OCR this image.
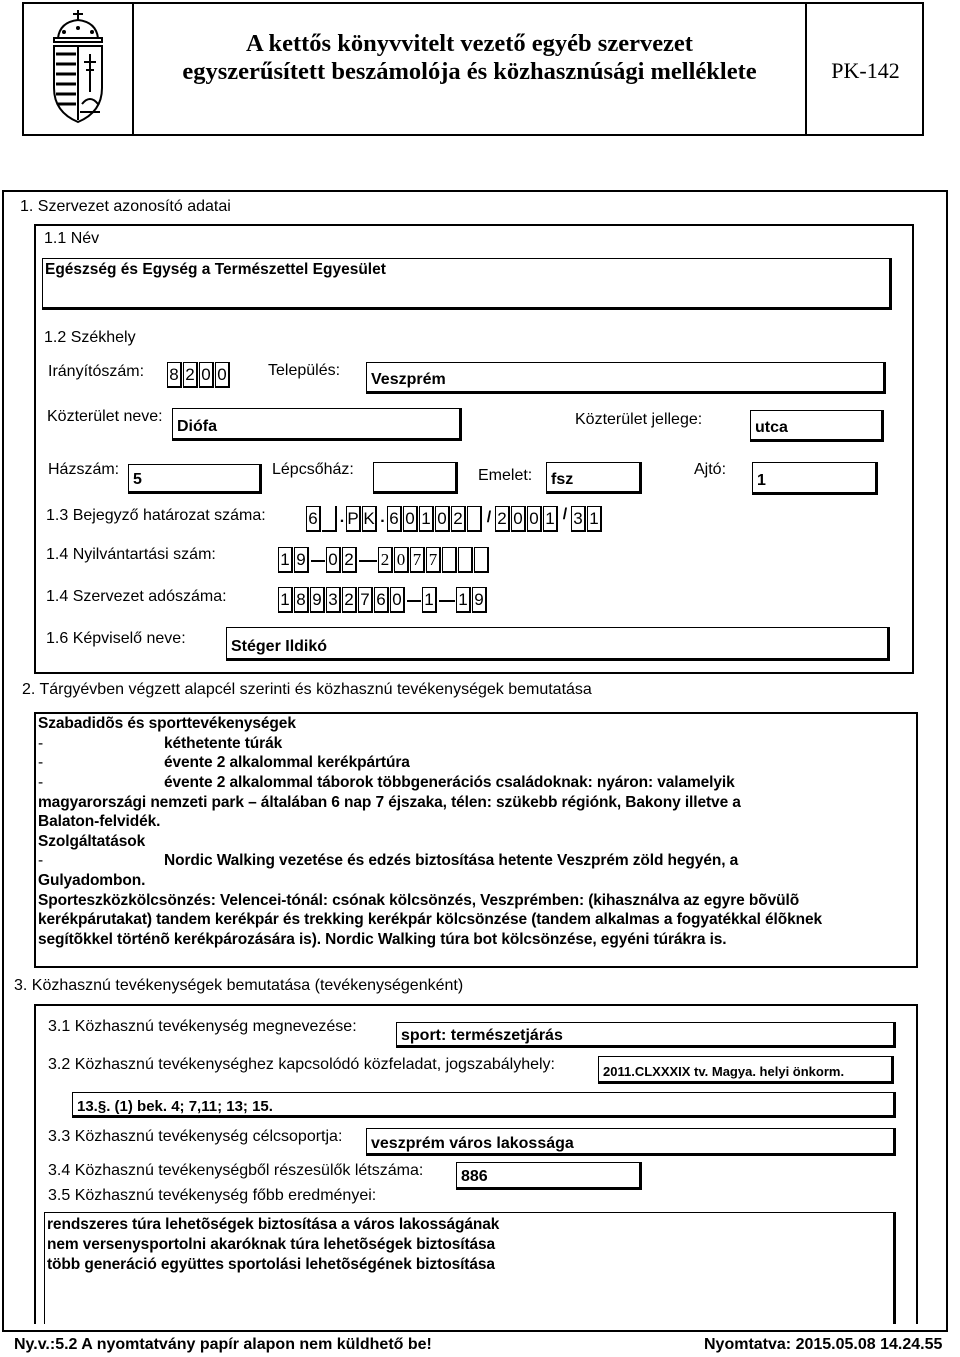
A kettős könyvvitelt vezető egyéb szervezet
egyszerűsített beszámolója és közhasznúsági melléklete	PK-142
1. Szervezet azonosító adatai
1.1 Név
Egészség és Egység a Természettel Egyesület
1.2 Székhely
Irányítószám: 8 2 0 0	Település:
Veszprém
Közterület neve:
Diófa	Közterület jellege:	utca
Házszám:
5
Lépcsőház:	Emelet: fsz
Ajtó:
1
1.3 Bejegyző határozat száma:	6 . P K . 6 0 1 0 2 / 2 0 0 1 / 3 1
1.4 Nyilvántartási szám:	1 9 0 2 2 0 7 7
1.4 Szervezet adószáma:	1 8 9 3 2 7 6 0 1 1 9
1.6 Képviselő neve:	Stéger Ildikó
2. Tárgyévben végzett alapcél szerinti és közhasznú tevékenységek bemutatása
Szabadidõs és sporttevékenységek
-	kéthetente túrák
-	évente 2 alkalommal kerékpártúra
-	évente 2 alkalommal táborok többgenerációs családoknak: nyáron: valamelyik
magyarországi nemzeti park – általában 6 nap 7 éjszaka, télen: szükebb régiónk, Bakony illetve a
Balaton-felvidék.
Szolgáltatások
-	Nordic Walking vezetése és edzés biztosítása hetente Veszprém zöld hegyén, a
Gulyadombon.
Sporteszközkölcsönzés: Velencei-tónál: csónak kölcsönzés, Veszprémben: (kihasználva az egyre bõvülõ
kerékpárutakat) tandem kerékpár és trekking kerékpár kölcsönzése (tandem alkalmas a fogyatékkal élõknek
segítõkkel történõ kerékpározására is). Nordic Walking túra bot kölcsönzése, egyéni túrákra is.
3. Közhasznú tevékenységek bemutatása (tevékenységenként)
3.1 Közhasznú tevékenység megnevezése:
sport: természetjárás
3.2 Közhasznú tevékenységhez kapcsolódó közfeladat, jogszabályhely:	2011.CLXXXIX tv. Magya. helyi önkorm.
13.§. (1) bek. 4; 7,11; 13; 15.
3.3 Közhasznú tevékenység célcsoportja: veszprém város lakossága
3.4 Közhasznú tevékenységből részesülők létszáma: 886
3.5 Közhasznú tevékenység főbb eredményei:
rendszeres túra lehetõségek biztosítása a város lakosságának
nem versenysportolni akaróknak túra lehetõségek biztosítása
több generáció együttes sportolási lehetõségének biztosítása
Ny.v.:5.2 A nyomtatvány papír alapon nem küldhető be!	Nyomtatva: 2015.05.08 14.24.55
